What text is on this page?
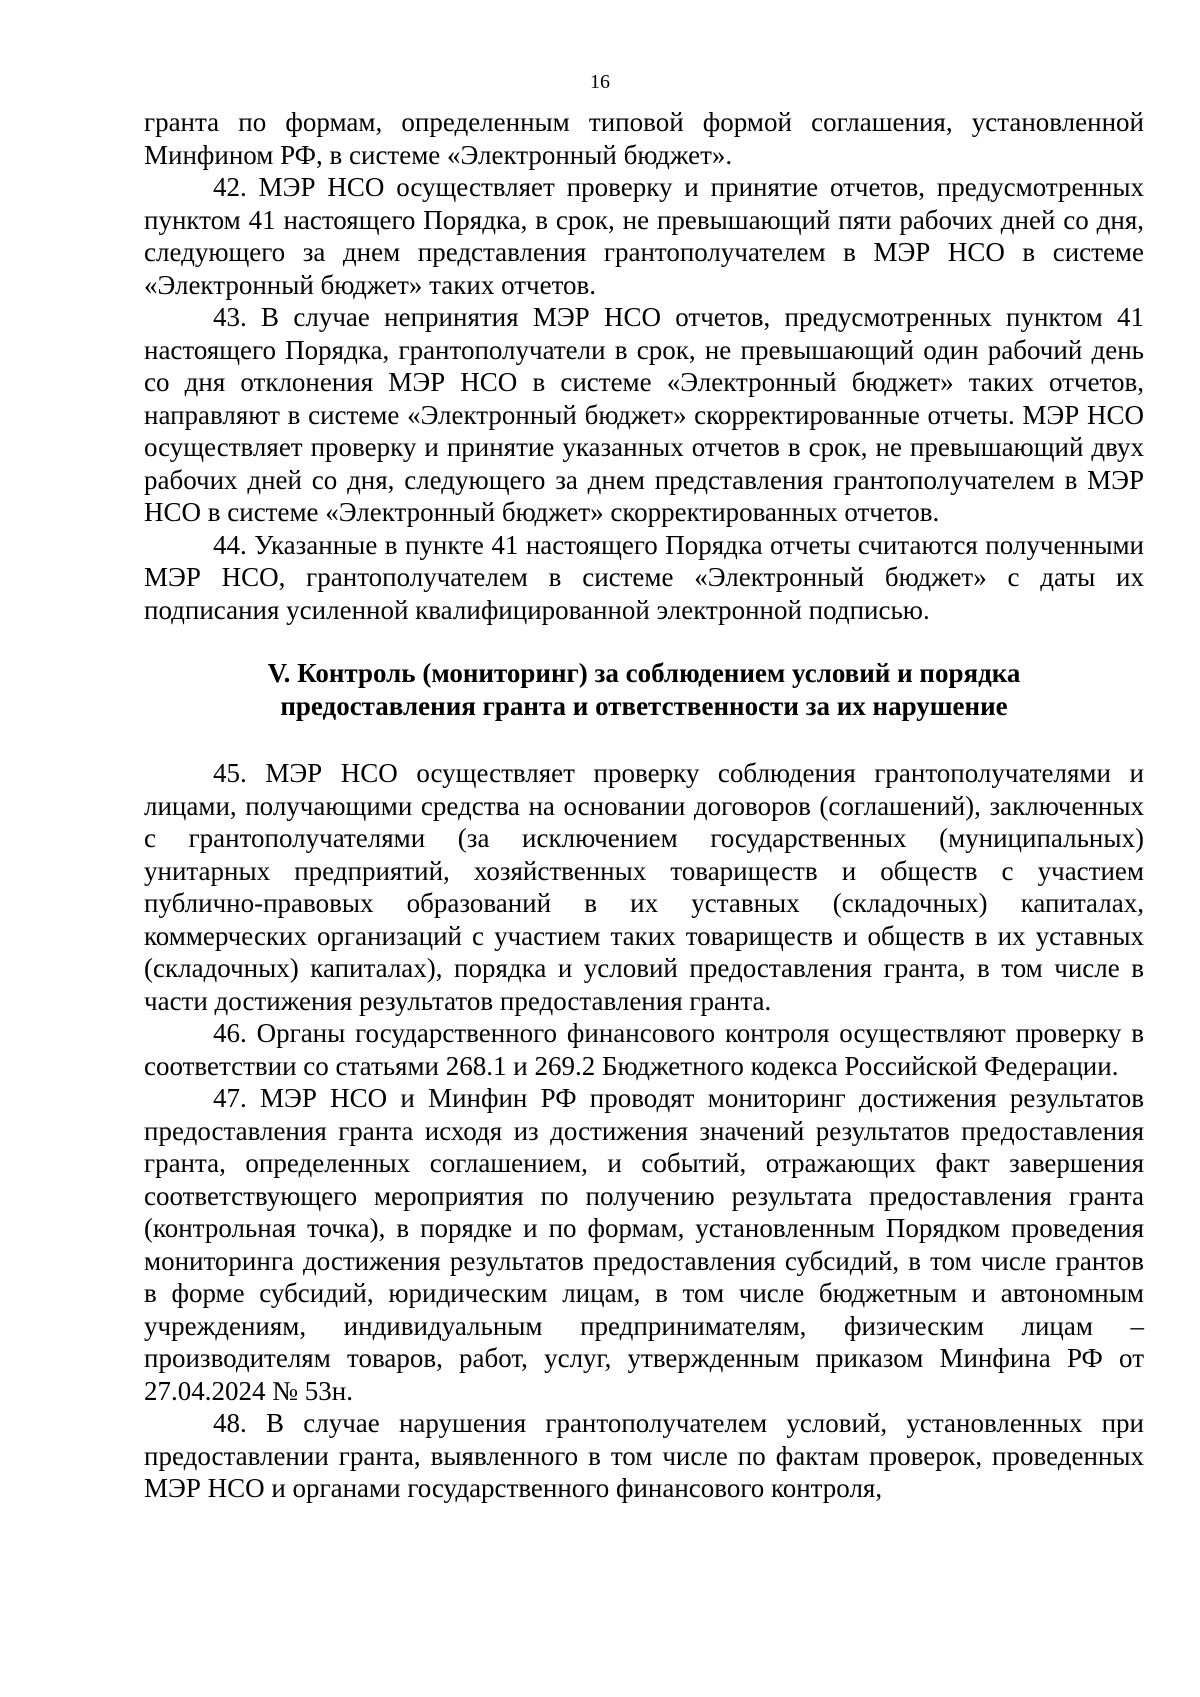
16

гранта по формам, определенным типовой формой соглашения, установленной Минфином РФ, в системе «Электронный бюджет».

42. МЭР НСО осуществляет проверку и принятие отчетов, предусмотренных пунктом 41 настоящего Порядка, в срок, не превышающий пяти рабочих дней со дня, следующего за днем представления грантополучателем в МЭР НСО в системе «Электронный бюджет» таких отчетов.

43. В случае непринятия МЭР НСО отчетов, предусмотренных пунктом 41 настоящего Порядка, грантополучатели в срок, не превышающий один рабочий день со дня отклонения МЭР НСО в системе «Электронный бюджет» таких отчетов, направляют в системе «Электронный бюджет» скорректированные отчеты. МЭР НСО осуществляет проверку и принятие указанных отчетов в срок, не превышающий двух рабочих дней со дня, следующего за днем представления грантополучателем в МЭР НСО в системе «Электронный бюджет» скорректированных отчетов.

44. Указанные в пункте 41 настоящего Порядка отчеты считаются полученными МЭР НСО, грантополучателем в системе «Электронный бюджет» с даты их подписания усиленной квалифицированной электронной подписью.

V. Контроль (мониторинг) за соблюдением условий и порядка
предоставления гранта и ответственности за их нарушение

45. МЭР НСО осуществляет проверку соблюдения грантополучателями и лицами, получающими средства на основании договоров (соглашений), заключенных с грантополучателями (за исключением государственных (муниципальных) унитарных предприятий, хозяйственных товариществ и обществ с участием публично-правовых образований в их уставных (складочных) капиталах, коммерческих организаций с участием таких товариществ и обществ в их уставных (складочных) капиталах), порядка и условий предоставления гранта, в том числе в части достижения результатов предоставления гранта.

46. Органы государственного финансового контроля осуществляют проверку в соответствии со статьями 268.1 и 269.2 Бюджетного кодекса Российской Федерации.

47. МЭР НСО и Минфин РФ проводят мониторинг достижения результатов предоставления гранта исходя из достижения значений результатов предоставления гранта, определенных соглашением, и событий, отражающих факт завершения соответствующего мероприятия по получению результата предоставления гранта (контрольная точка), в порядке и по формам, установленным Порядком проведения мониторинга достижения результатов предоставления субсидий, в том числе грантов в форме субсидий, юридическим лицам, в том числе бюджетным и автономным учреждениям, индивидуальным предпринимателям, физическим лицам – производителям товаров, работ, услуг, утвержденным приказом Минфина РФ от 27.04.2024 № 53н.

48. В случае нарушения грантополучателем условий, установленных при предоставлении гранта, выявленного в том числе по фактам проверок, проведенных МЭР НСО и органами государственного финансового контроля,
